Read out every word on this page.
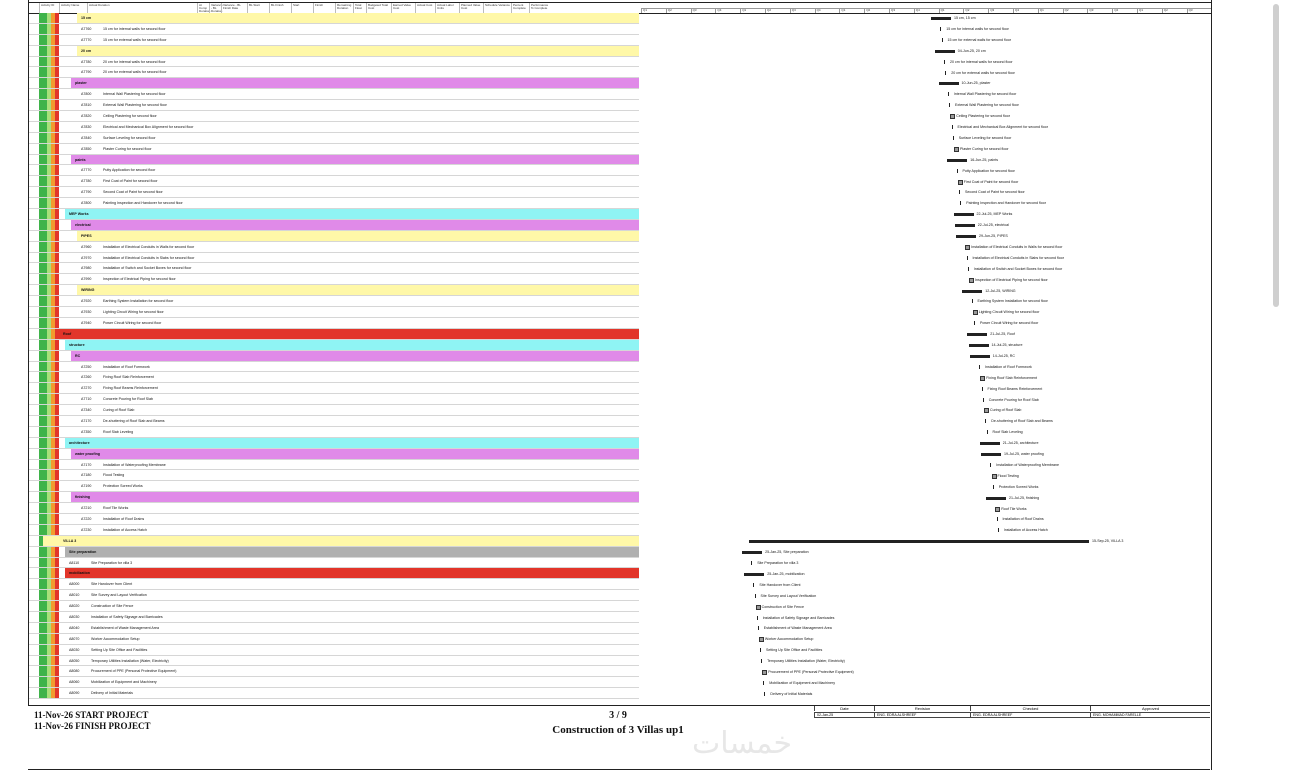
Activity ID	Activity Name	Actual Duration	At Comp Duration
Variance - BL Duration
Variance - BL Finish Date
BL Start	BL Finish	Start	Finish	Remaining Duration
Total Float
Budgeted Total Cost
Earned Value Cost
Actual Cost	Actual Labor Units
Planned Value Cost
Schedule Variance	Percent Complete
Performance % Complete	Q1	Q2	Q3	Q4	Q1	Q2	Q3	Q4	Q1	Q2	Q3	Q4	Q1	Q2	Q3	Q4	Q1	Q2	Q3	Q4	Q1	Q2	Q3
15 cm
A7760	15 cm for internal walls for second floor
A7770	15 cm for external walls for second floor
20 cm
A7780	20 cm for internal walls for second floor
A7790	20 cm for external walls for second floor
plaster
A7800	Internal Wall Plastering for second floor
A7810	External Wall Plastering for second floor
A7820	Ceiling Plastering for second floor
A7830	Electrical and Mechanical Box Alignment for second floor
A7840	Surface Leveling for second floor
A7850	Plaster Curing for second floor
paints
A7770	Putty Application for second floor
A7780	First Coat of Paint for second floor
A7790	Second Coat of Paint for second floor
A7800	Painting Inspection and Handover for second floor
MEP Works
electrical
PIPES
A7960	Installation of Electrical Conduits in Walls for second floor
A7970	Installation of Electrical Conduits in Slabs for second floor
A7980	Installation of Switch and Socket Boxes for second floor
A7990	Inspection of Electrical Piping for second floor
WIRING
A7920	Earthing System Installation for second floor
A7930	Lighting Circuit Wiring for second floor
A7940	Power Circuit Wiring for second floor
Roof
structure
RC
A7250	Installation of Roof Formwork
A7260	Fixing Roof Slab Reinforcement
A7270	Fixing Roof Beams Reinforcement
A7710	Concrete Pouring for Roof Slab
A7340	Curing of Roof Slab
A7170	De-shuttering of Roof Slab and Beams
A7350	Roof Slab Leveling
architecture
water proofing
A7170	Installation of Waterproofing Membrane
A7180	Flood Testing
A7190	Protection Screed Works
finishing
A7210	Roof Tile Works
A7220	Installation of Roof Drains
A7230	Installation of Access Hatch
VILLA 3
Site preparation
A8110	Site Preparation for villa 3
mobilization
A8000	Site Handover from Client
A8010	Site Survey and Layout Verification
A8020	Construction of Site Fence
A8030	Installation of Safety Signage and Barricades
A8040	Establishment of Waste Management Area
A8070	Worker Accommodation Setup
A8030	Setting Up Site Office and Facilities
A8050	Temporary Utilities Installation (Water, Electricity)
A8080	Procurement of PPE (Personal Protective Equipment)
A8060	Mobilization of Equipment and Machinery
A8090	Delivery of Initial Materials
15 cm, 15 cm
15 cm for internal walls for second floor
15 cm for external walls for second floor
04-Jun-25, 20 cm
20 cm for internal walls for second floor
20 cm for external walls for second floor
10-Jun-25, plaster
Internal Wall Plastering for second floor
External Wall Plastering for second floor
Ceiling Plastering for second floor
Electrical and Mechanical Box Alignment for second floor
Surface Leveling for second floor
Plaster Curing for second floor
16-Jun-25, paints
Putty Application for second floor
First Coat of Paint for second floor
Second Coat of Paint for second floor
Painting Inspection and Handover for second floor
22-Jul-25, MEP Works
22-Jul-25, electrical
29-Jun-25, PIPES
Installation of Electrical Conduits in Walls for second floor
Installation of Electrical Conduits in Slabs for second floor
Installation of Switch and Socket Boxes for second floor
Inspection of Electrical Piping for second floor
12-Jul-25, WIRING
Earthing System Installation for second floor
Lighting Circuit Wiring for second floor
Power Circuit Wiring for second floor
21-Jul-25, Roof
14-Jul-25, structure
14-Jul-25, RC
Installation of Roof Formwork
Fixing Roof Slab Reinforcement
Fixing Roof Beams Reinforcement
Concrete Pouring for Roof Slab
Curing of Roof Slab
De-shuttering of Roof Slab and Beams
Roof Slab Leveling
21-Jul-25, architecture
19-Jul-25, water proofing
Installation of Waterproofing Membrane
Flood Testing
Protection Screed Works
21-Jul-25, finishing
Roof Tile Works
Installation of Roof Drains
Installation of Access Hatch
15-Sep-25, VILLA 3
25-Jan-25, Site preparation
Site Preparation for villa 3
25-Jan-25, mobilization
Site Handover from Client
Site Survey and Layout Verification
Construction of Site Fence
Installation of Safety Signage and Barricades
Establishment of Waste Management Area
Worker Accommodation Setup
Setting Up Site Office and Facilities
Temporary Utilities Installation (Water, Electricity)
Procurement of PPE (Personal Protective Equipment)
Mobilization of Equipment and Machinery
Delivery of Initial Materials
11-Nov-26 START PROJECT
11-Nov-26 FINISH PROJECT
3 / 9
Construction of 3 Villas up1 خمسات
Date	Revision	Checked	Approved
02-Jan-25	ENG. EDRA ALSHREEF	ENG. EDRA ALSHREEF	ENG. MOHAMMAD FARELLE
